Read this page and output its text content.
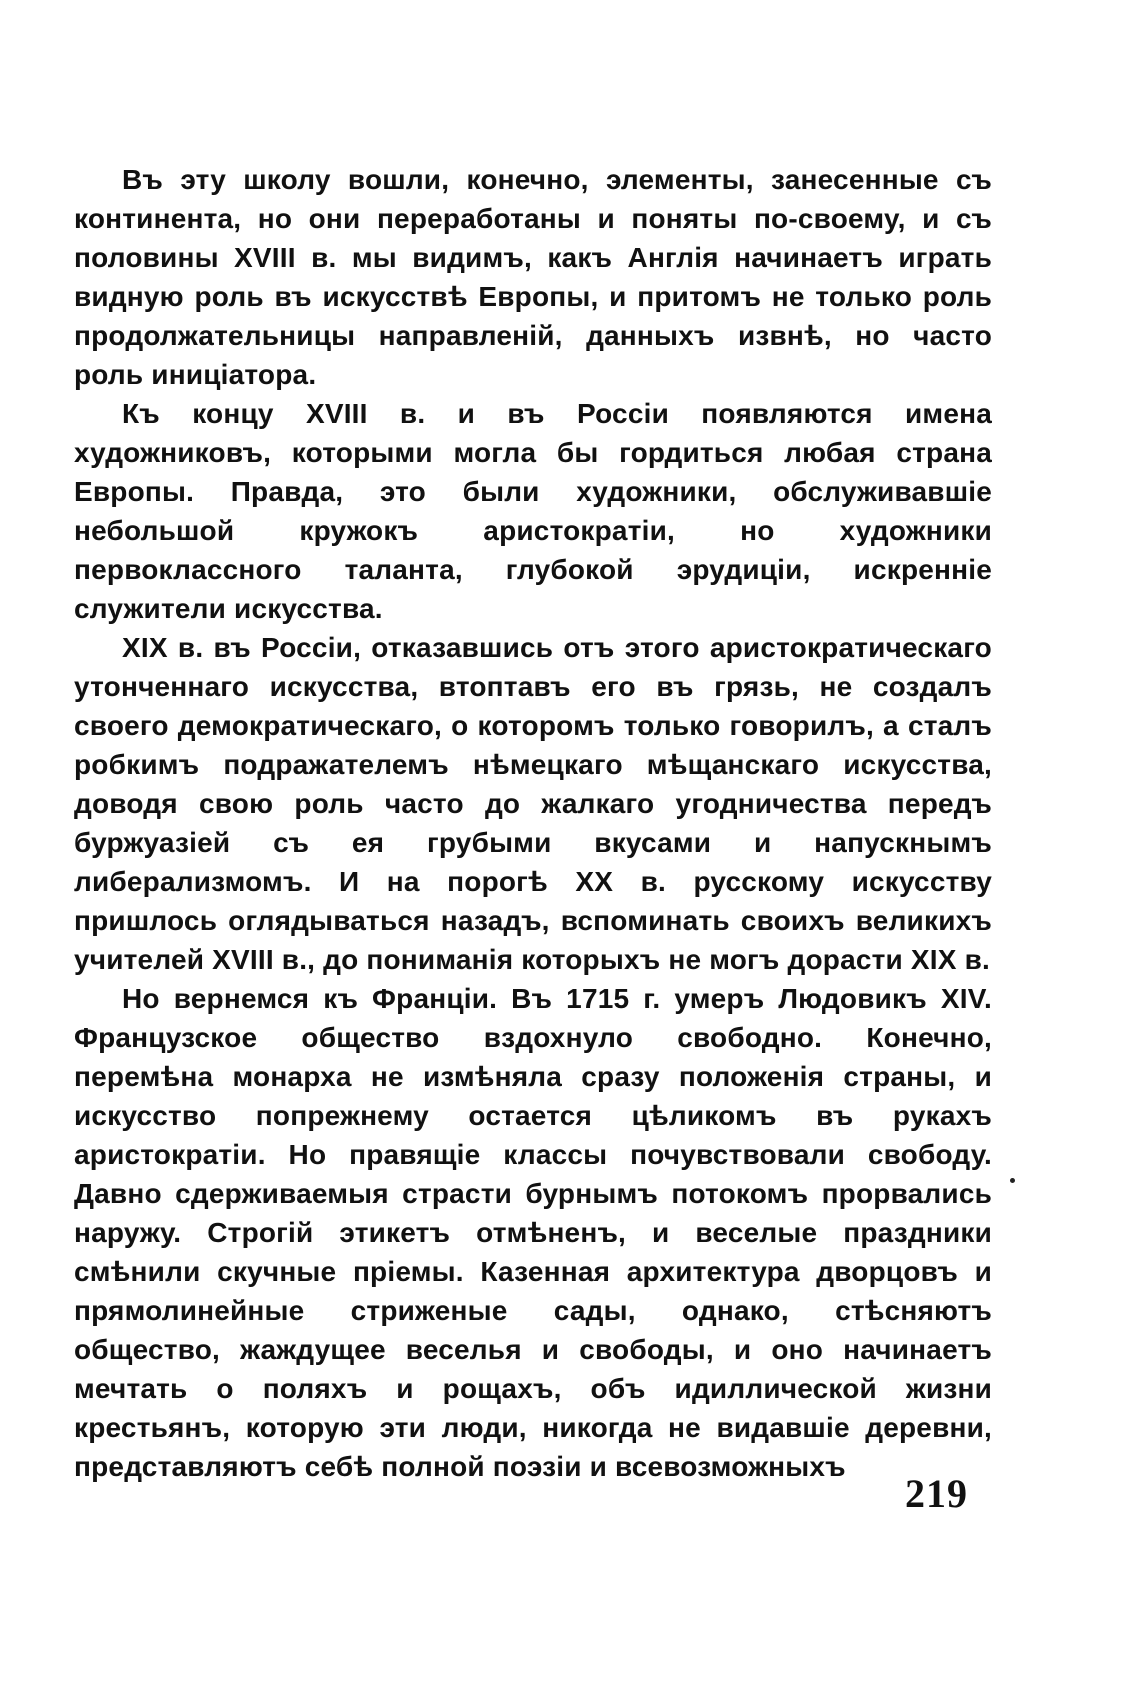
Въ эту школу вошли, конечно, элементы, занесенные съ континента, но они переработаны и поняты по-своему, и съ половины XVIII в. мы видимъ, какъ Англія начинаетъ играть видную роль въ искусствѣ Европы, и притомъ не только роль продолжательницы направленій, данныхъ извнѣ, но часто роль иниціатора.

Къ концу XVIII в. и въ Россіи появляются имена художниковъ, которыми могла бы гордиться любая страна Европы. Правда, это были художники, обслуживавшіе небольшой кружокъ аристократіи, но художники первоклассного таланта, глубокой эрудиціи, искренніе служители искусства.

XIX в. въ Россіи, отказавшись отъ этого аристократическаго утонченнаго искусства, втоптавъ его въ грязь, не создалъ своего демократическаго, о которомъ только говорилъ, а сталъ робкимъ подражателемъ нѣмецкаго мѣщанскаго искусства, доводя свою роль часто до жалкаго угодничества передъ буржуазіей съ ея грубыми вкусами и напускнымъ либерализмомъ. И на порогѣ XX в. русскому искусству пришлось оглядываться назадъ, вспоминать своихъ великихъ учителей XVIII в., до пониманія которыхъ не могъ дорасти XIX в.

Но вернемся къ Франціи. Въ 1715 г. умеръ Людовикъ XIV. Французское общество вздохнуло свободно. Конечно, перемѣна монарха не измѣняла сразу положенія страны, и искусство попрежнему остается цѣликомъ въ рукахъ аристократіи. Но правящіе классы почувствовали свободу. Давно сдерживаемыя страсти бурнымъ потокомъ прорвались наружу. Строгій этикетъ отмѣненъ, и веселые праздники смѣнили скучные пріемы. Казенная архитектура дворцовъ и прямолинейные стриженые сады, однако, стѣсняютъ общество, жаждущее веселья и свободы, и оно начинаетъ мечтать о поляхъ и рощахъ, объ идиллической жизни крестьянъ, которую эти люди, никогда не видавшіе деревни, представляютъ себѣ полной поэзіи и всевозможныхъ

219
